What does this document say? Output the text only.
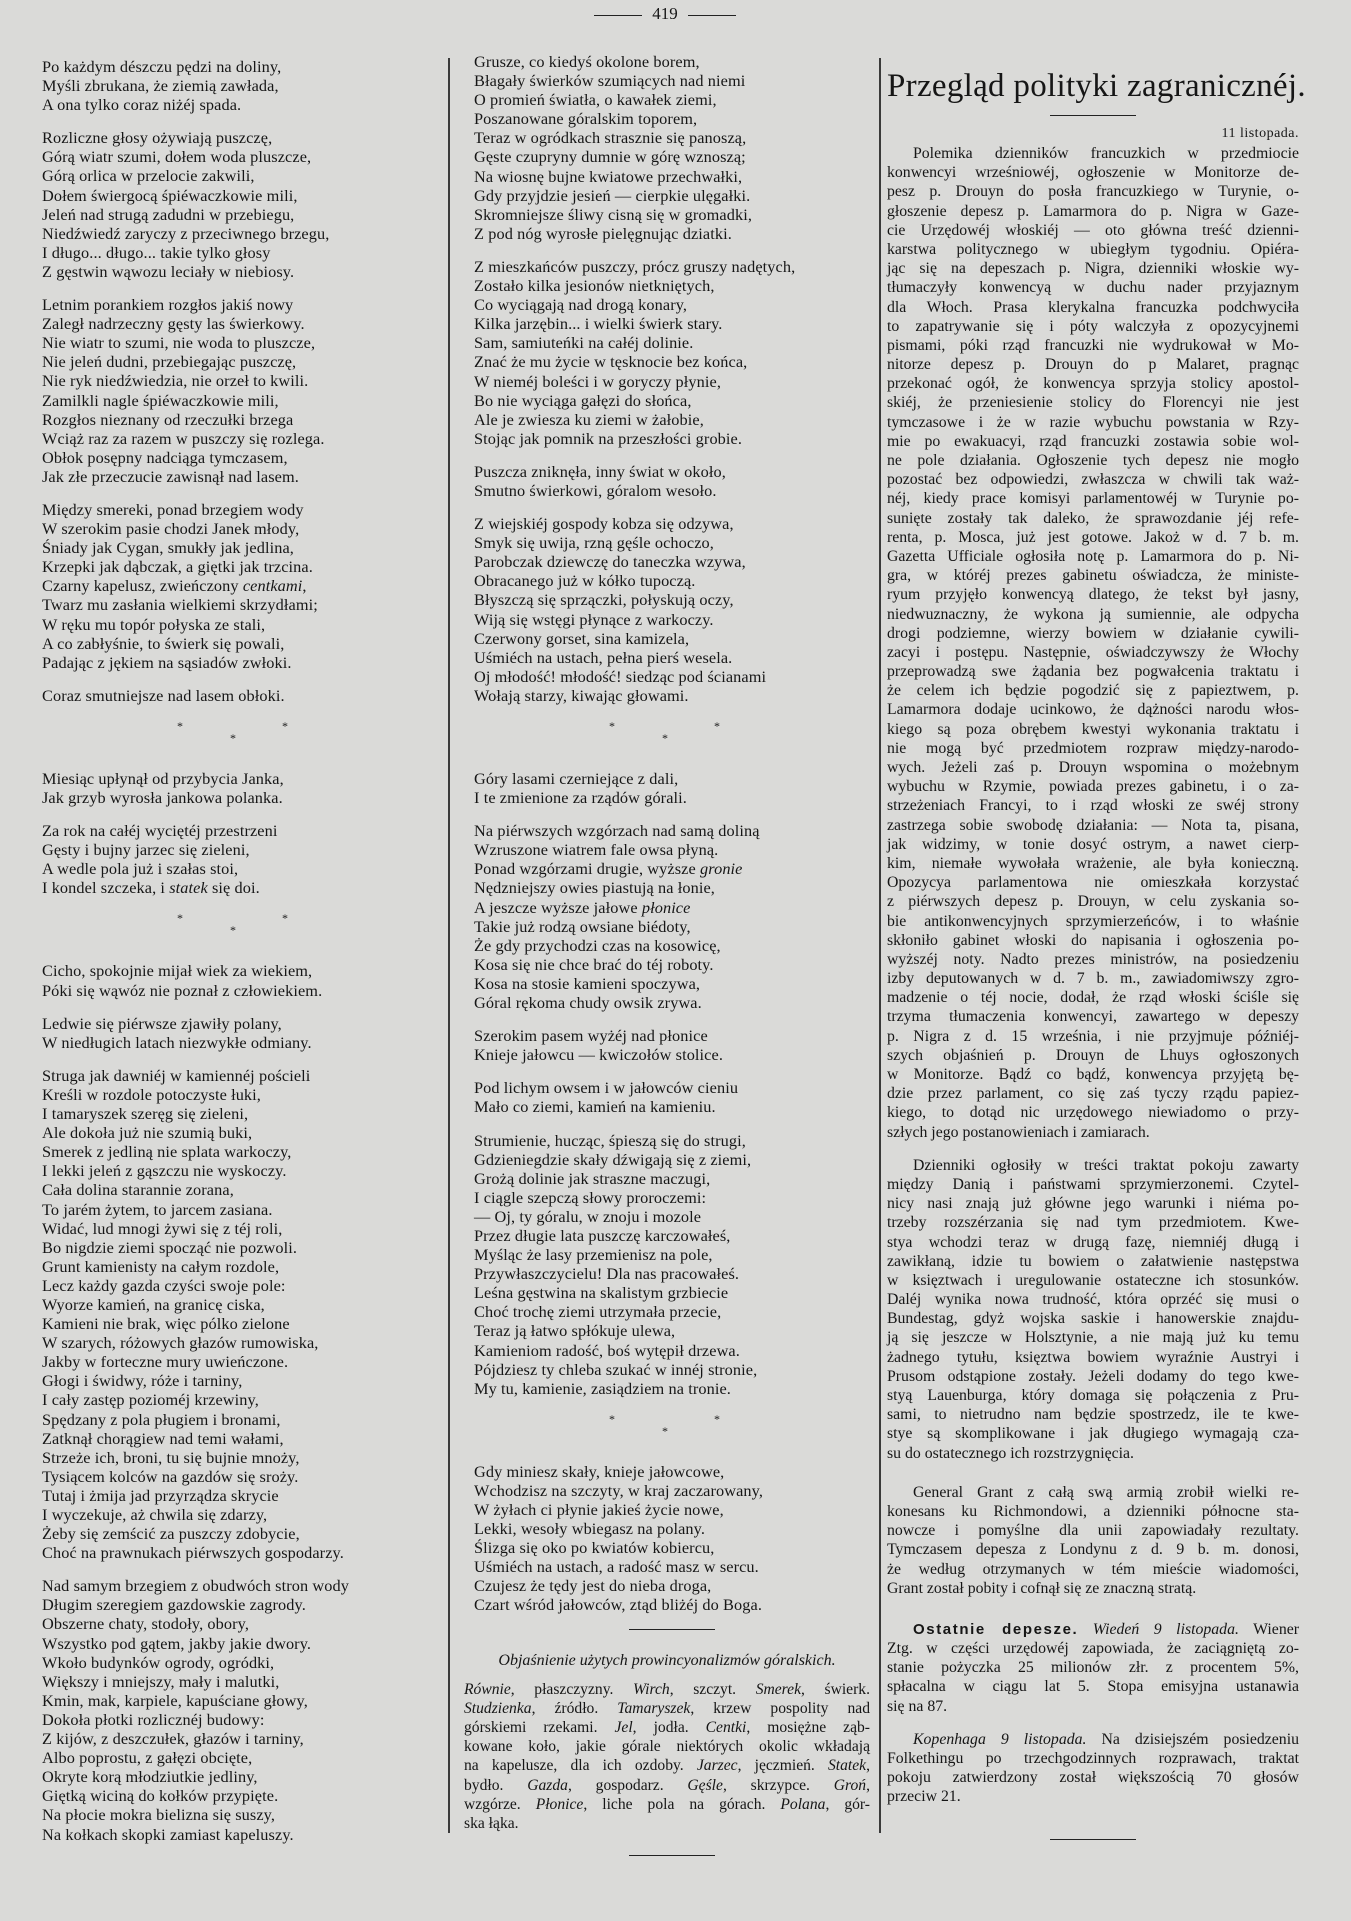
419
Po każdym dészczu pędzi na doliny,
Myśli zbrukana, że ziemią zawłada,
A ona tylko coraz niżéj spada.
Rozliczne głosy ożywiają puszczę,
Górą wiatr szumi, dołem woda pluszcze,
Górą orlica w przelocie zakwili,
Dołem świergocą śpiéwaczkowie mili,
Jeleń nad strugą zadudni w przebiegu,
Niedźwiedź zaryczy z przeciwnego brzegu,
I długo... długo... takie tylko głosy
Z gęstwin wąwozu leciały w niebiosy.
Letnim porankiem rozgłos jakiś nowy
Zaległ nadrzeczny gęsty las świerkowy.
Nie wiatr to szumi, nie woda to pluszcze,
Nie jeleń dudni, przebiegając puszczę,
Nie ryk niedźwiedzia, nie orzeł to kwili.
Zamilkli nagle śpiéwaczkowie mili,
Rozgłos nieznany od rzeczułki brzega
Wciąż raz za razem w puszczy się rozlega.
Obłok posępny nadciąga tymczasem,
Jak złe przeczucie zawisnął nad lasem.
Między smereki, ponad brzegiem wody
W szerokim pasie chodzi Janek młody,
Śniady jak Cygan, smukły jak jedlina,
Krzepki jak dąbczak, a giętki jak trzcina.
Czarny kapelusz, zwieńczony centkami,
Twarz mu zasłania wielkiemi skrzydłami;
W ręku mu topór połyska ze stali,
A co zabłyśnie, to świerk się powali,
Padając z jękiem na sąsiadów zwłoki.
Coraz smutniejsze nad lasem obłoki.
*	*
*
Miesiąc upłynął od przybycia Janka,
Jak grzyb wyrosła jankowa polanka.
Za rok na całéj wyciętéj przestrzeni
Gęsty i bujny jarzec się zieleni,
A wedle pola już i szałas stoi,
I kondel szczeka, i statek się doi.
*	*
*
Cicho, spokojnie mijał wiek za wiekiem,
Póki się wąwóz nie poznał z człowiekiem.
Ledwie się piérwsze zjawiły polany,
W niedługich latach niezwykłe odmiany.
Struga jak dawniéj w kamiennéj pościeli
Kreśli w rozdole potoczyste łuki,
I tamaryszek szeręg się zieleni,
Ale dokoła już nie szumią buki,
Smerek z jedliną nie splata warkoczy,
I lekki jeleń z gąszczu nie wyskoczy.
Cała dolina starannie zorana,
To jarém żytem, to jarcem zasiana.
Widać, lud mnogi żywi się z téj roli,
Bo nigdzie ziemi spocząć nie pozwoli.
Grunt kamienisty na całym rozdole,
Lecz każdy gazda czyści swoje pole:
Wyorze kamień, na granicę ciska,
Kamieni nie brak, więc pólko zielone
W szarych, różowych głazów rumowiska,
Jakby w forteczne mury uwieńczone.
Głogi i świdwy, róże i tarniny,
I cały zastęp pozioméj krzewiny,
Spędzany z pola pługiem i bronami,
Zatknął chorągiew nad temi wałami,
Strzeże ich, broni, tu się bujnie mnoży,
Tysiącem kolców na gazdów się sroży.
Tutaj i żmija jad przyrządza skrycie
I wyczekuje, aż chwila się zdarzy,
Żeby się zemścić za puszczy zdobycie,
Choć na prawnukach piérwszych gospodarzy.
Nad samym brzegiem z obudwóch stron wody
Długim szeregiem gazdowskie zagrody.
Obszerne chaty, stodoły, obory,
Wszystko pod gątem, jakby jakie dwory.
Wkoło budynków ogrody, ogródki,
Większy i mniejszy, mały i malutki,
Kmin, mak, karpiele, kapuściane głowy,
Dokoła płotki rozlicznéj budowy:
Z kijów, z deszczułek, głazów i tarniny,
Albo poprostu, z gałęzi obcięte,
Okryte korą młodziutkie jedliny,
Giętką wiciną do kołków przypięte.
Na płocie mokra bielizna się suszy,
Na kołkach skopki zamiast kapeluszy.
Grusze, co kiedyś okolone borem,
Błagały świerków szumiących nad niemi
O promień światła, o kawałek ziemi,
Poszanowane góralskim toporem,
Teraz w ogródkach strasznie się panoszą,
Gęste czupryny dumnie w górę wznoszą;
Na wiosnę bujne kwiatowe przechwałki,
Gdy przyjdzie jesień — cierpkie ulęgałki.
Skromniejsze śliwy cisną się w gromadki,
Z pod nóg wyrosłe pielęgnując dziatki.
Z mieszkańców puszczy, prócz gruszy nadętych,
Zostało kilka jesionów nietkniętych,
Co wyciągają nad drogą konary,
Kilka jarzębin... i wielki świerk stary.
Sam, samiuteńki na całéj dolinie.
Znać że mu życie w tęsknocie bez końca,
W nieméj boleści i w goryczy płynie,
Bo nie wyciąga gałęzi do słońca,
Ale je zwiesza ku ziemi w żałobie,
Stojąc jak pomnik na przeszłości grobie.
Puszcza zniknęła, inny świat w około,
Smutno świerkowi, góralom wesoło.
Z wiejskiéj gospody kobza się odzywa,
Smyk się uwija, rzną gęśle ochoczo,
Parobczak dziewczę do taneczka wzywa,
Obracanego już w kółko tupoczą.
Błyszczą się sprzączki, połyskują oczy,
Wiją się wstęgi płynące z warkoczy.
Czerwony gorset, sina kamizela,
Uśmiéch na ustach, pełna pierś wesela.
Oj młodość! młodość! siedząc pod ścianami
Wołają starzy, kiwając głowami.
*	*
*
Góry lasami czerniejące z dali,
I te zmienione za rządów górali.
Na piérwszych wzgórzach nad samą doliną
Wzruszone wiatrem fale owsa płyną.
Ponad wzgórzami drugie, wyższe gronie
Nędzniejszy owies piastują na łonie,
A jeszcze wyższe jałowe płonice
Takie już rodzą owsiane biédoty,
Że gdy przychodzi czas na kosowicę,
Kosa się nie chce brać do téj roboty.
Kosa na stosie kamieni spoczywa,
Góral rękoma chudy owsik zrywa.
Szerokim pasem wyżéj nad płonice
Knieje jałowcu — kwiczołów stolice.
Pod lichym owsem i w jałowców cieniu
Mało co ziemi, kamień na kamieniu.
Strumienie, hucząc, śpieszą się do strugi,
Gdzieniegdzie skały dźwigają się z ziemi,
Grożą dolinie jak straszne maczugi,
I ciągle szepczą słowy proroczemi:
— Oj, ty góralu, w znoju i mozole
Przez długie lata puszczę karczowałeś,
Myśląc że lasy przemienisz na pole,
Przywłaszczycielu! Dla nas pracowałeś.
Leśna gęstwina na skalistym grzbiecie
Choć trochę ziemi utrzymała przecie,
Teraz ją łatwo spłókuje ulewa,
Kamieniom radość, boś wytępił drzewa.
Pójdziesz ty chleba szukać w innéj stronie,
My tu, kamienie, zasiądziem na tronie.
*	*
*
Gdy miniesz skały, knieje jałowcowe,
Wchodzisz na szczyty, w kraj zaczarowany,
W żyłach ci płynie jakieś życie nowe,
Lekki, wesoły wbiegasz na polany.
Ślizga się oko po kwiatów kobiercu,
Uśmiéch na ustach, a radość masz w sercu.
Czujesz że tędy jest do nieba droga,
Czart wśród jałowców, ztąd bliżéj do Boga.
Objaśnienie użytych prowincyonalizmów góralskich.
Równie, płaszczyzny. Wirch, szczyt. Smerek, świerk.
Studzienka, źródło. Tamaryszek, krzew pospolity nad
górskiemi rzekami. Jel, jodła. Centki, mosiężne ząb-
kowane koło, jakie górale niektórych okolic wkładają
na kapelusze, dla ich ozdoby. Jarzec, jęczmień. Statek,
bydło. Gazda, gospodarz. Gęśle, skrzypce. Groń,
wzgórze. Płonice, liche pola na górach. Polana, gór-
ska łąka.
Przegląd polityki zagranicznéj.
11 listopada.
Polemika dzienników francuzkich w przedmiocie
konwencyi wrześniowéj, ogłoszenie w Monitorze de-
pesz p. Drouyn do posła francuzkiego w Turynie, o-
głoszenie depesz p. Lamarmora do p. Nigra w Gaze-
cie Urzędowéj włoskiéj — oto główna treść dzienni-
karstwa politycznego w ubiegłym tygodniu. Opiéra-
jąc się na depeszach p. Nigra, dzienniki włoskie wy-
tłumaczyły konwencyą w duchu nader przyjaznym
dla Włoch. Prasa klerykalna francuzka podchwyciła
to zapatrywanie się i póty walczyła z opozycyjnemi
pismami, póki rząd francuzki nie wydrukował w Mo-
nitorze depesz p. Drouyn do p Malaret, pragnąc
przekonać ogół, że konwencya sprzyja stolicy apostol-
skiéj, że przeniesienie stolicy do Florencyi nie jest
tymczasowe i że w razie wybuchu powstania w Rzy-
mie po ewakuacyi, rząd francuzki zostawia sobie wol-
ne pole działania. Ogłoszenie tych depesz nie mogło
pozostać bez odpowiedzi, zwłaszcza w chwili tak waż-
néj, kiedy prace komisyi parlamentowéj w Turynie po-
sunięte zostały tak daleko, że sprawozdanie jéj refe-
renta, p. Mosca, już jest gotowe. Jakoż w d. 7 b. m.
Gazetta Ufficiale ogłosiła notę p. Lamarmora do p. Ni-
gra, w któréj prezes gabinetu oświadcza, że ministe-
ryum przyjęło konwencyą dlatego, że tekst był jasny,
niedwuznaczny, że wykona ją sumiennie, ale odpycha
drogi podziemne, wierzy bowiem w działanie cywili-
zacyi i postępu. Następnie, oświadczywszy że Włochy
przeprowadzą swe żądania bez pogwałcenia traktatu i
że celem ich będzie pogodzić się z papieztwem, p.
Lamarmora dodaje ucinkowo, że dążności narodu włos-
kiego są poza obrębem kwestyi wykonania traktatu i
nie mogą być przedmiotem rozpraw między-narodo-
wych. Jeżeli zaś p. Drouyn wspomina o możebnym
wybuchu w Rzymie, powiada prezes gabinetu, i o za-
strzeżeniach Francyi, to i rząd włoski ze swéj strony
zastrzega sobie swobodę działania: — Nota ta, pisana,
jak widzimy, w tonie dosyć ostrym, a nawet cierp-
kim, niemałe wywołała wrażenie, ale była konieczną.
Opozycya parlamentowa nie omieszkała korzystać
z piérwszych depesz p. Drouyn, w celu zyskania so-
bie antikonwencyjnych sprzymierzeńców, i to właśnie
skłoniło gabinet włoski do napisania i ogłoszenia po-
wyższéj noty. Nadto prezes ministrów, na posiedzeniu
izby deputowanych w d. 7 b. m., zawiadomiwszy zgro-
madzenie o téj nocie, dodał, że rząd włoski ściśle się
trzyma tłumaczenia konwencyi, zawartego w depeszy
p. Nigra z d. 15 września, i nie przyjmuje późniéj-
szych objaśnień p. Drouyn de Lhuys ogłoszonych
w Monitorze. Bądź co bądź, konwencya przyjętą bę-
dzie przez parlament, co się zaś tyczy rządu papiez-
kiego, to dotąd nic urzędowego niewiadomo o przy-
szłych jego postanowieniach i zamiarach.
Dzienniki ogłosiły w treści traktat pokoju zawarty
między Danią i państwami sprzymierzonemi. Czytel-
nicy nasi znają już główne jego warunki i niéma po-
trzeby rozszérzania się nad tym przedmiotem. Kwe-
stya wchodzi teraz w drugą fazę, niemniéj długą i
zawikłaną, idzie tu bowiem o załatwienie następstwa
w księztwach i uregulowanie ostateczne ich stosunków.
Daléj wynika nowa trudność, która oprzéć się musi o
Bundestag, gdyż wojska saskie i hanowerskie znajdu-
ją się jeszcze w Holsztynie, a nie mają już ku temu
żadnego tytułu, księztwa bowiem wyraźnie Austryi i
Prusom odstąpione zostały. Jeżeli dodamy do tego kwe-
styą Lauenburga, który domaga się połączenia z Pru-
sami, to nietrudno nam będzie spostrzedz, ile te kwe-
stye są skomplikowane i jak długiego wymagają cza-
su do ostatecznego ich rozstrzygnięcia.
General Grant z całą swą armią zrobił wielki re-
konesans ku Richmondowi, a dzienniki północne sta-
nowcze i pomyślne dla unii zapowiadały rezultaty.
Tymczasem depesza z Londynu z d. 9 b. m. donosi,
że według otrzymanych w tém mieście wiadomości,
Grant został pobity i cofnął się ze znaczną stratą.
Ostatnie depesze. Wiedeń 9 listopada. Wiener
Ztg. w części urzędowéj zapowiada, że zaciągniętą zo-
stanie pożyczka 25 milionów złr. z procentem 5%,
spłacalna w ciągu lat 5. Stopa emisyjna ustanawia
się na 87.
Kopenhaga 9 listopada. Na dzisiejszém posiedzeniu
Folkethingu po trzechgodzinnych rozprawach, traktat
pokoju zatwierdzony został większością 70 głosów
przeciw 21.
